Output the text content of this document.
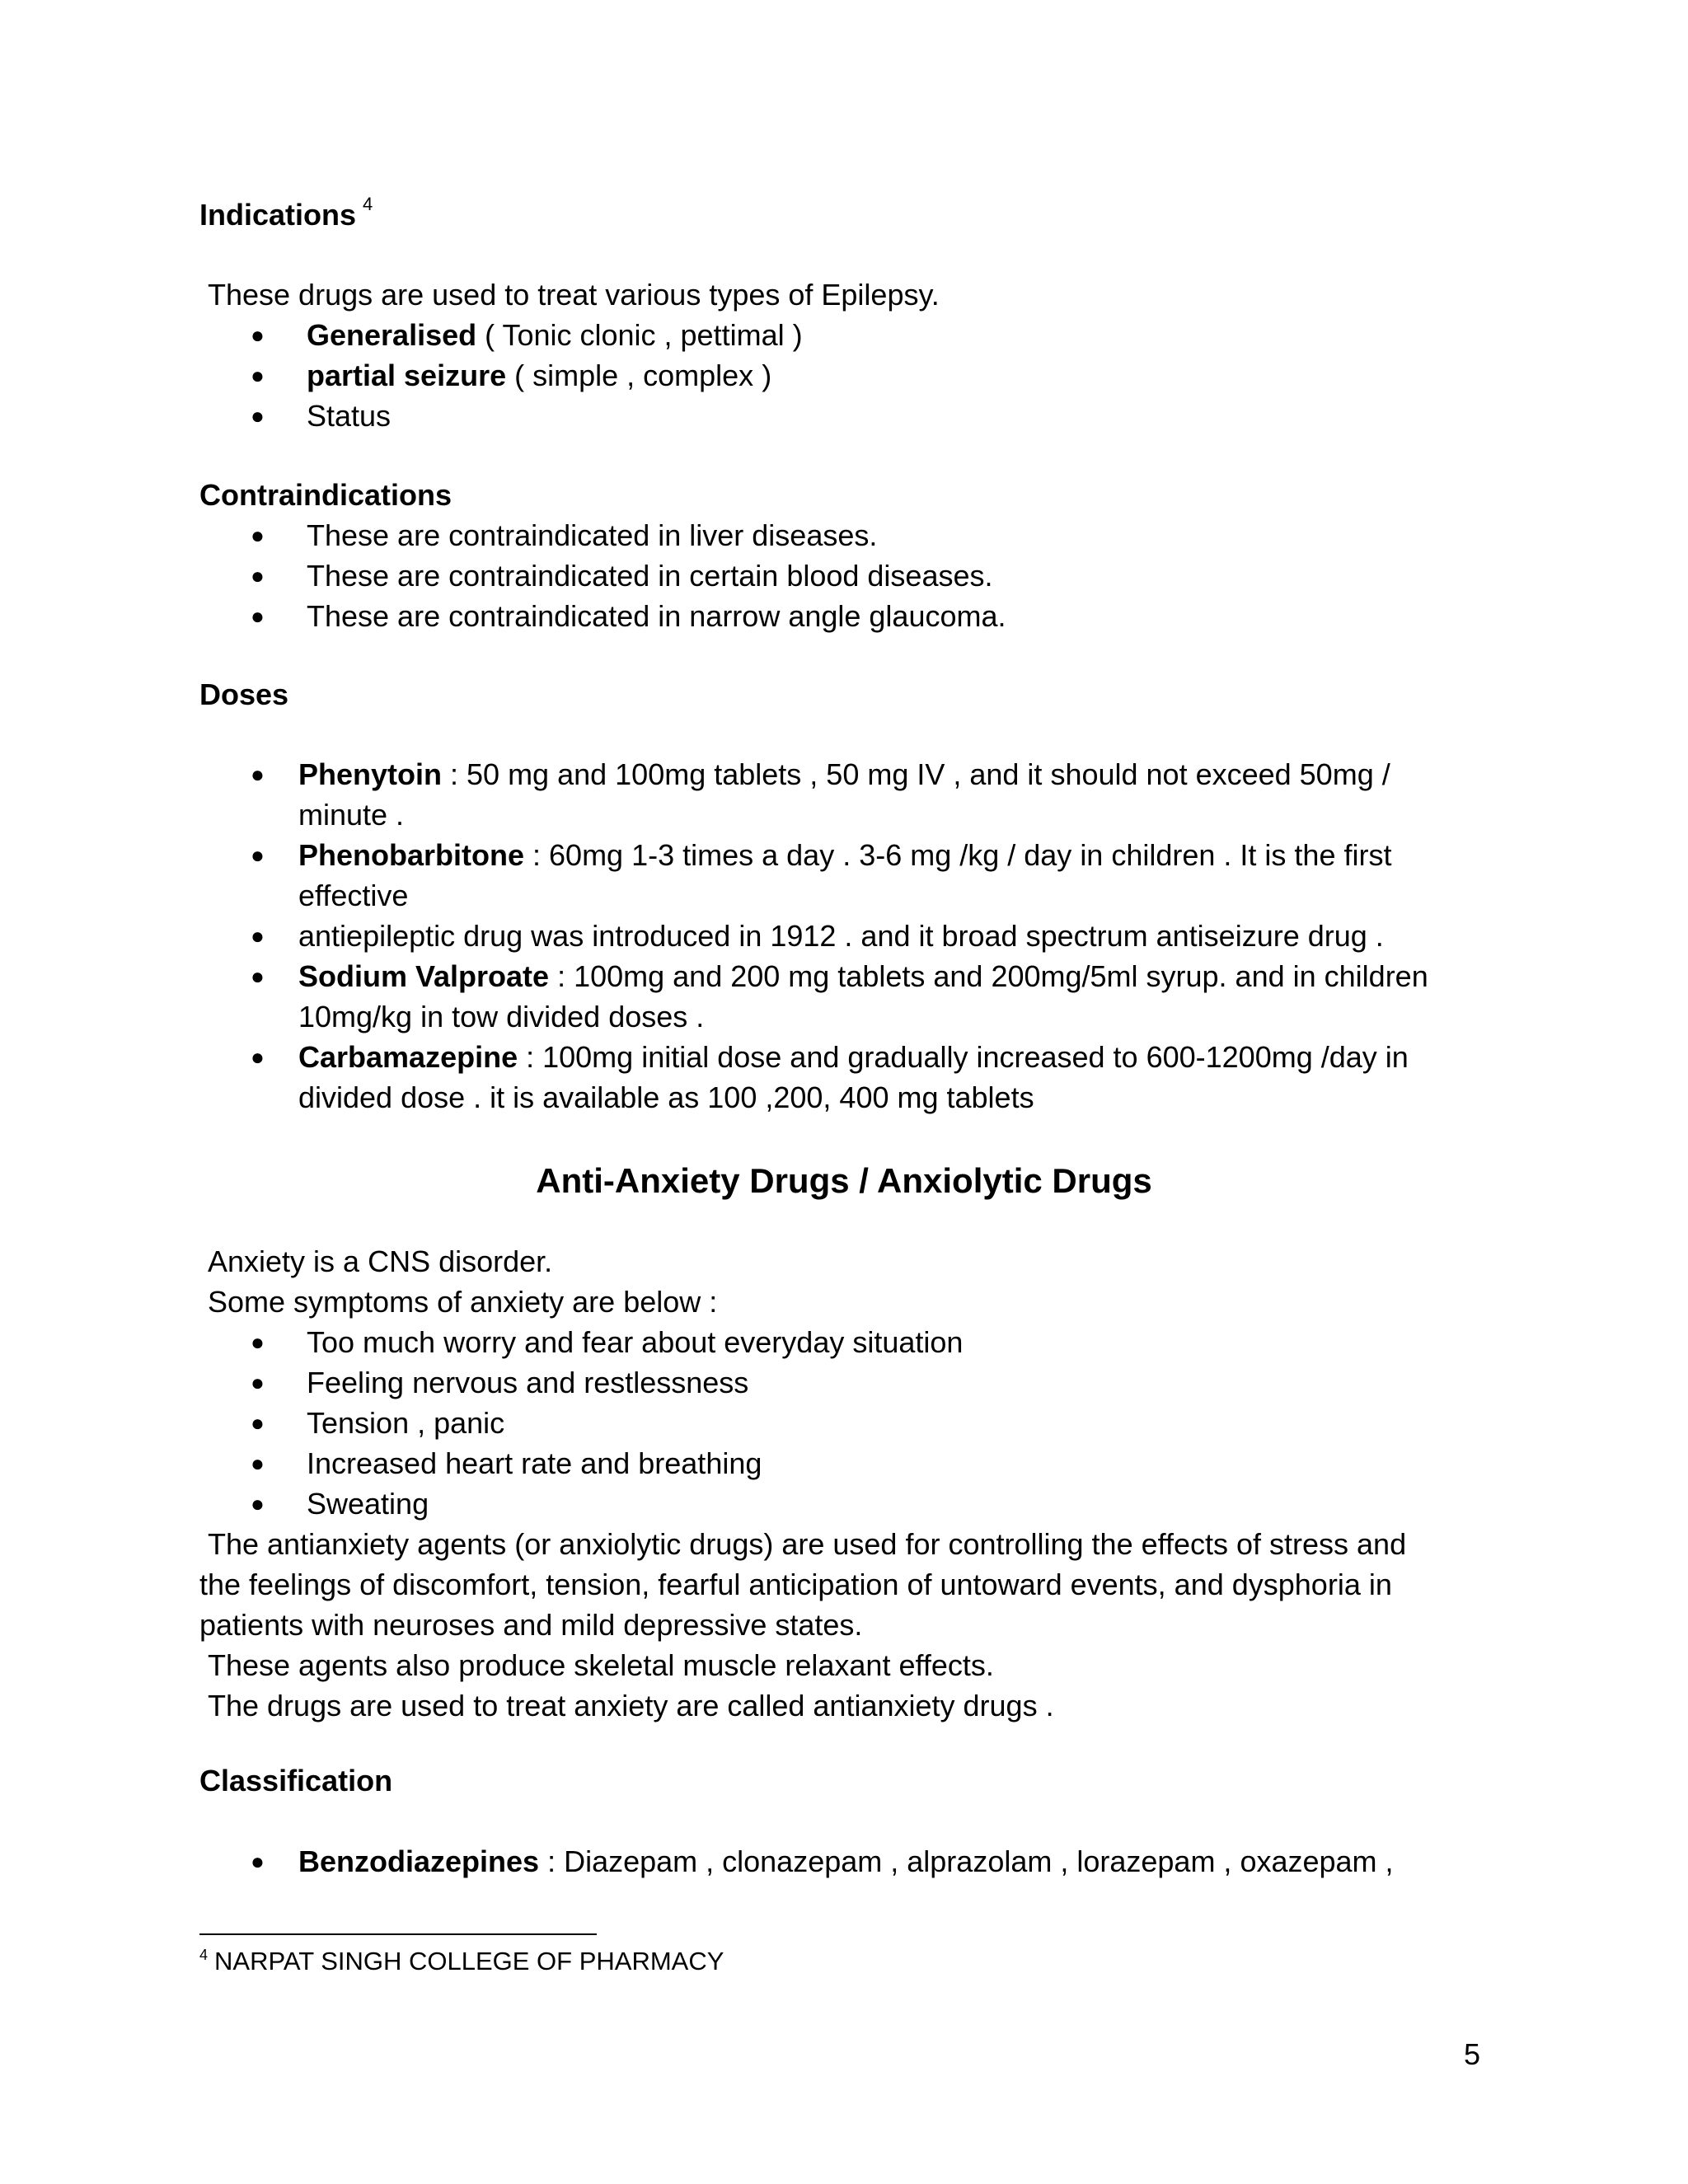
Indications $^4$

These drugs are used to treat various types of Epilepsy.

● Generalised ( Tonic clonic , pettimal )
● partial seizure ( simple , complex )
● Status
Contraindications
● These are contraindicated in liver diseases.
● These are contraindicated in certain blood diseases.
● These are contraindicated in narrow angle glaucoma.
Doses
● Phenytoin : 50 mg and 100mg tablets , 50 mg IV , and it should not exceed 50mg / minute .
● Phenobarbitone : 60mg 1-3 times a day . 3-6 mg /kg / day in children . It is the first effective
● antiepileptic drug was introduced in 1912 . and it broad spectrum antiseizure drug .
● Sodium Valproate : 100mg and 200 mg tablets and 200mg/5ml syrup. and in children 10mg/kg in tow divided doses .
● Carbamazepine : 100mg initial dose and gradually increased to 600-1200mg /day in divided dose . it is available as 100 ,200, 400 mg tablets
Anti-Anxiety Drugs / Anxiolytic Drugs

Anxiety is a CNS disorder.

Some symptoms of anxiety are below :

● Too much worry and fear about everyday situation
● Feeling nervous and restlessness
● Tension , panic
● Increased heart rate and breathing
● Sweating

The antianxiety agents (or anxiolytic drugs) are used for controlling the effects of stress and the feelings of discomfort, tension, fearful anticipation of untoward events, and dysphoria in patients with neuroses and mild depressive states.

These agents also produce skeletal muscle relaxant effects.

The drugs are used to treat anxiety are called antianxiety drugs .

Classification
● Benzodiazepines : Diazepam , clonazepam , alprazolam , lorazepam , oxazepam ,
$^4$ NARPAT SINGH COLLEGE OF PHARMACY
5
